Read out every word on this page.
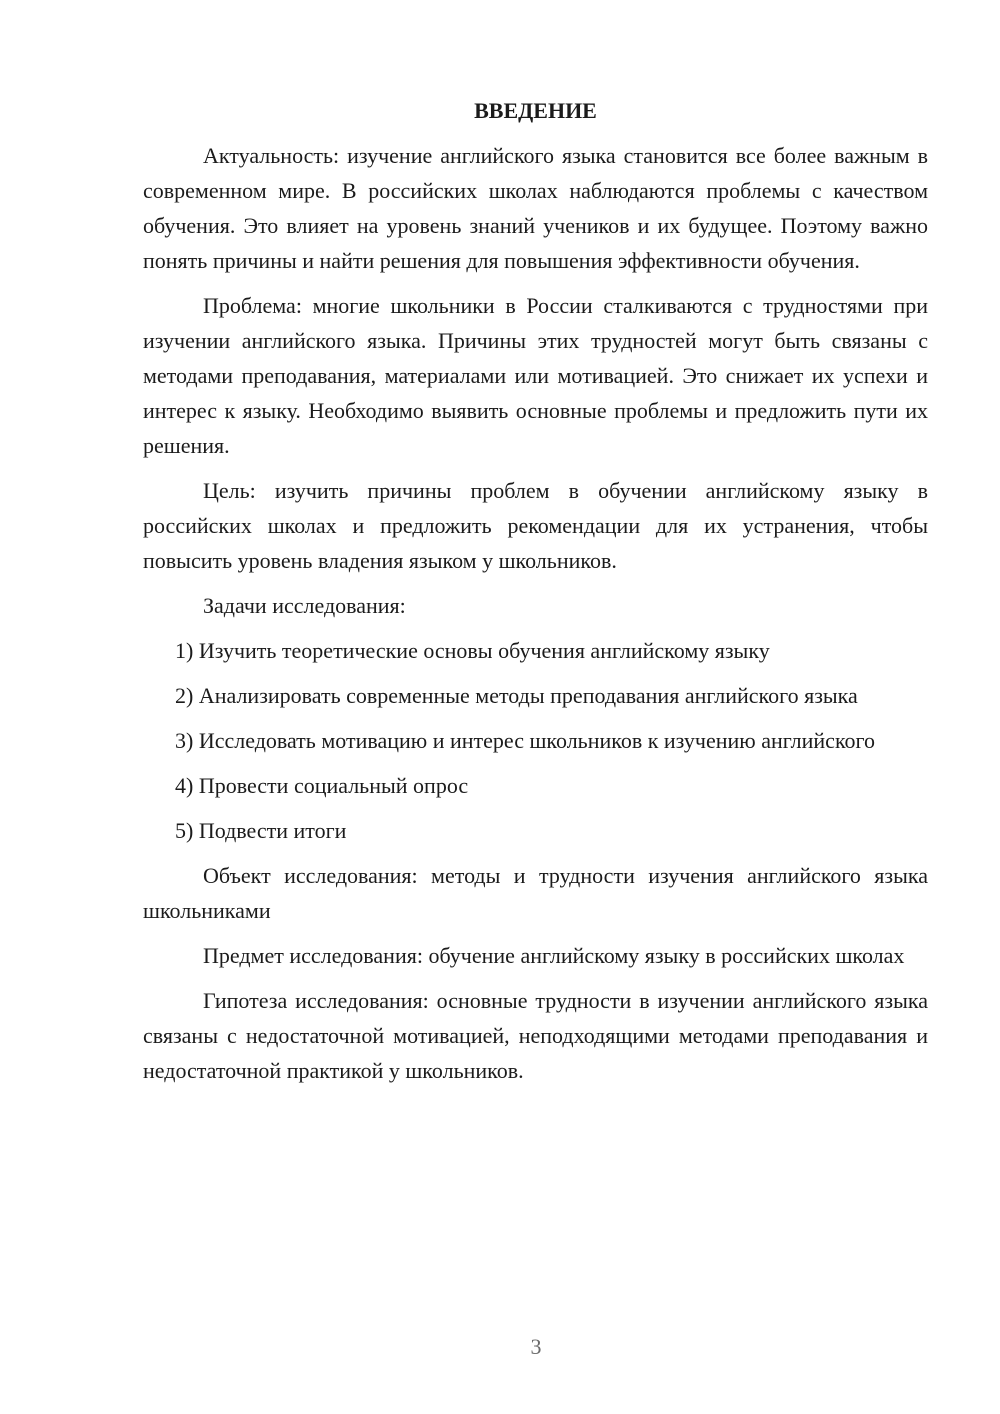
ВВЕДЕНИЕ

Актуальность: изучение английского языка становится все более важным в современном мире. В российских школах наблюдаются проблемы с качеством обучения. Это влияет на уровень знаний учеников и их будущее. Поэтому важно понять причины и найти решения для повышения эффективности обучения.

Проблема: многие школьники в России сталкиваются с трудностями при изучении английского языка. Причины этих трудностей могут быть связаны с методами преподавания, материалами или мотивацией. Это снижает их успехи и интерес к языку. Необходимо выявить основные проблемы и предложить пути их решения.

Цель: изучить причины проблем в обучении английскому языку в российских школах и предложить рекомендации для их устранения, чтобы повысить уровень владения языком у школьников.

Задачи исследования:

1) Изучить теоретические основы обучения английскому языку

2) Анализировать современные методы преподавания английского языка

3) Исследовать мотивацию и интерес школьников к изучению английского

4) Провести социальный опрос

5) Подвести итоги

Объект исследования: методы и трудности изучения английского языка школьниками

Предмет исследования: обучение английскому языку в российских школах

Гипотеза исследования: основные трудности в изучении английского языка связаны с недостаточной мотивацией, неподходящими методами преподавания и недостаточной практикой у школьников.

3
